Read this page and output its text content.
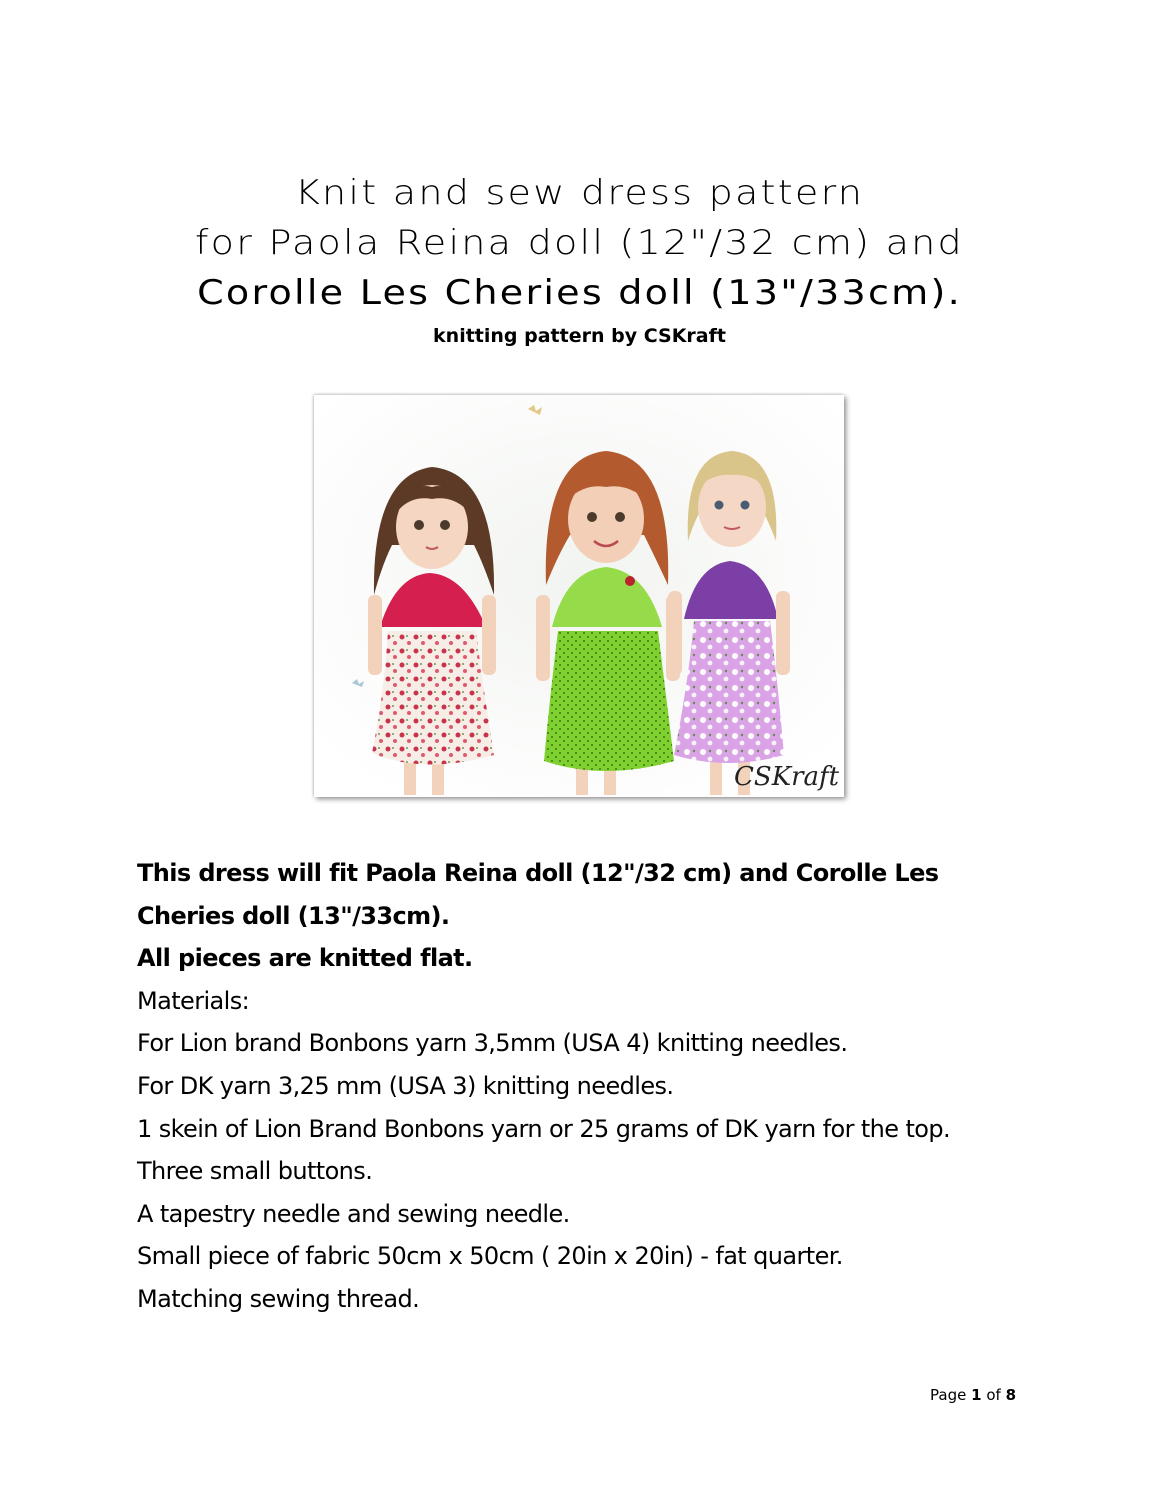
Knit and sew dress pattern
for Paola Reina doll (12"/32 cm) and
Corolle Les Cheries doll (13"/33cm).
knitting pattern by CSKraft
CSKraft

This dress will fit Paola Reina doll (12"/32 cm) and Corolle Les Cheries doll (13"/33cm).

All pieces are knitted flat.

Materials:

For Lion brand Bonbons yarn 3,5mm (USA 4) knitting needles.

For DK yarn 3,25 mm (USA 3) knitting needles.

1 skein of Lion Brand Bonbons yarn or 25 grams of DK yarn for the top.

Three small buttons.

A tapestry needle and sewing needle.

Small piece of fabric 50cm x 50cm ( 20in x 20in) - fat quarter.

Matching sewing thread.

Page 1 of 8
